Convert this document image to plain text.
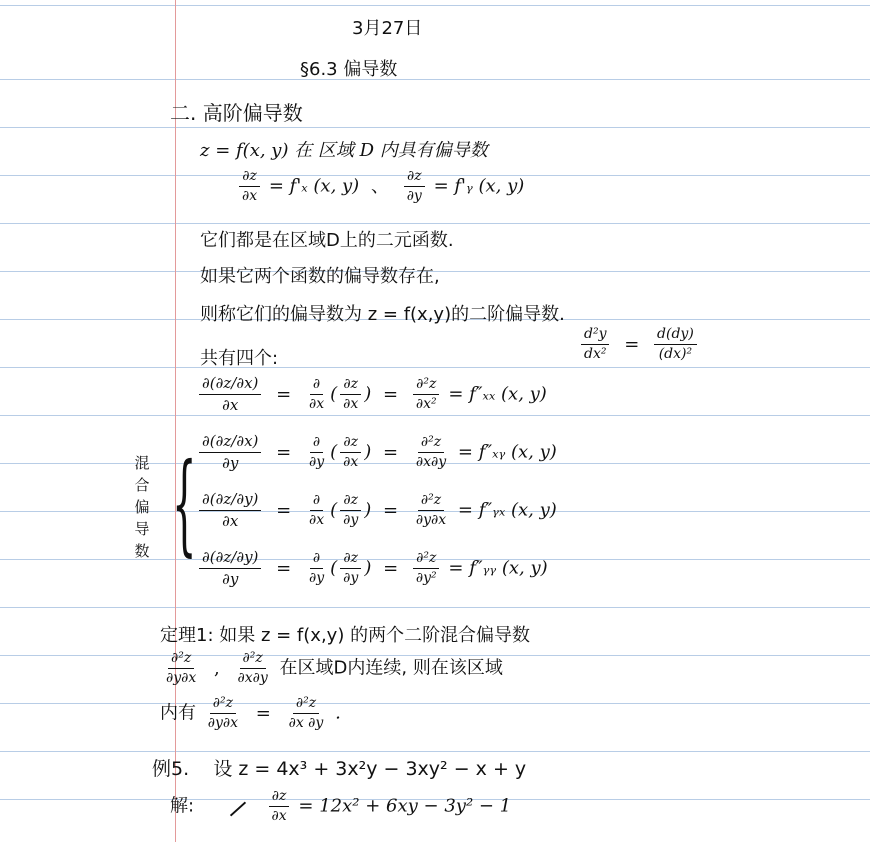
3月27日
§6.3 偏导数
二. 高阶偏导数
z = f(x, y) 在 区域 D 内具有偏导数
$\frac{\partial z}{\partial x} = f'_x$ (x, y) 、 $\frac{\partial z}{\partial y}$ = f'ᵧ (x, y)
它们都是在区域D上的二元函数.
如果它两个函数的偏导数存在,
则称它们的偏导数为 z = f(x,y)的二阶偏导数.
共有四个:	$\frac{\text{d²y}}{\text{dx²}} = \frac{d(dy)}{\text{(dx)²}}$
$\frac{\partial(\partial z/\partial x)}{\partial x} = \frac{\partial}{\partial x}$ ( $\frac{\partial z}{\partial x}$ ) = $\frac{\text{∂²z}}{\text{∂x²}} = f''_{xx}$ (x, y)
$\frac{\partial(\partial z/\partial x)}{\partial y} = \frac{\partial}{\partial y}$ ( $\frac{\partial z}{\partial x}$ ) = $\frac{\text{∂²z}}{\partial x\partial y}$ = f″ₓᵧ (x, y)
$\frac{\partial(\partial z/\partial y)}{\partial x} = \frac{\partial}{\partial x}$ ( $\frac{\partial z}{\partial y}$ ) = $\frac{\text{∂²z}}{\partial y\partial x}$ = f″ᵧₓ (x, y)
$\frac{\partial(\partial z/\partial y)}{\partial y} = \frac{\partial}{\partial y}$ ( $\frac{\partial z}{\partial y}$ ) = $\frac{\text{∂²z}}{\text{∂y²}}$ = f″ᵧᵧ (x, y)
{
混
合
偏
导
数
定理1: 如果 z = f(x,y) 的两个二阶混合偏导数
$\frac{\text{∂²z}}{\partial y\partial x}$ , $\frac{\text{∂²z}}{\partial x\partial y}$ 在区域D内连续, 则在该区域
内有 $\frac{\text{∂²z}}{\partial y\partial x} = \frac{\text{∂²z}}{\partial x \partial y}$ .
例5. 设 z = 4x³ + 3x²y − 3xy² − x + y
解:	$\frac{\partial z}{\partial x} = 12x^2 + 6xy - 3y^2 - 1$
